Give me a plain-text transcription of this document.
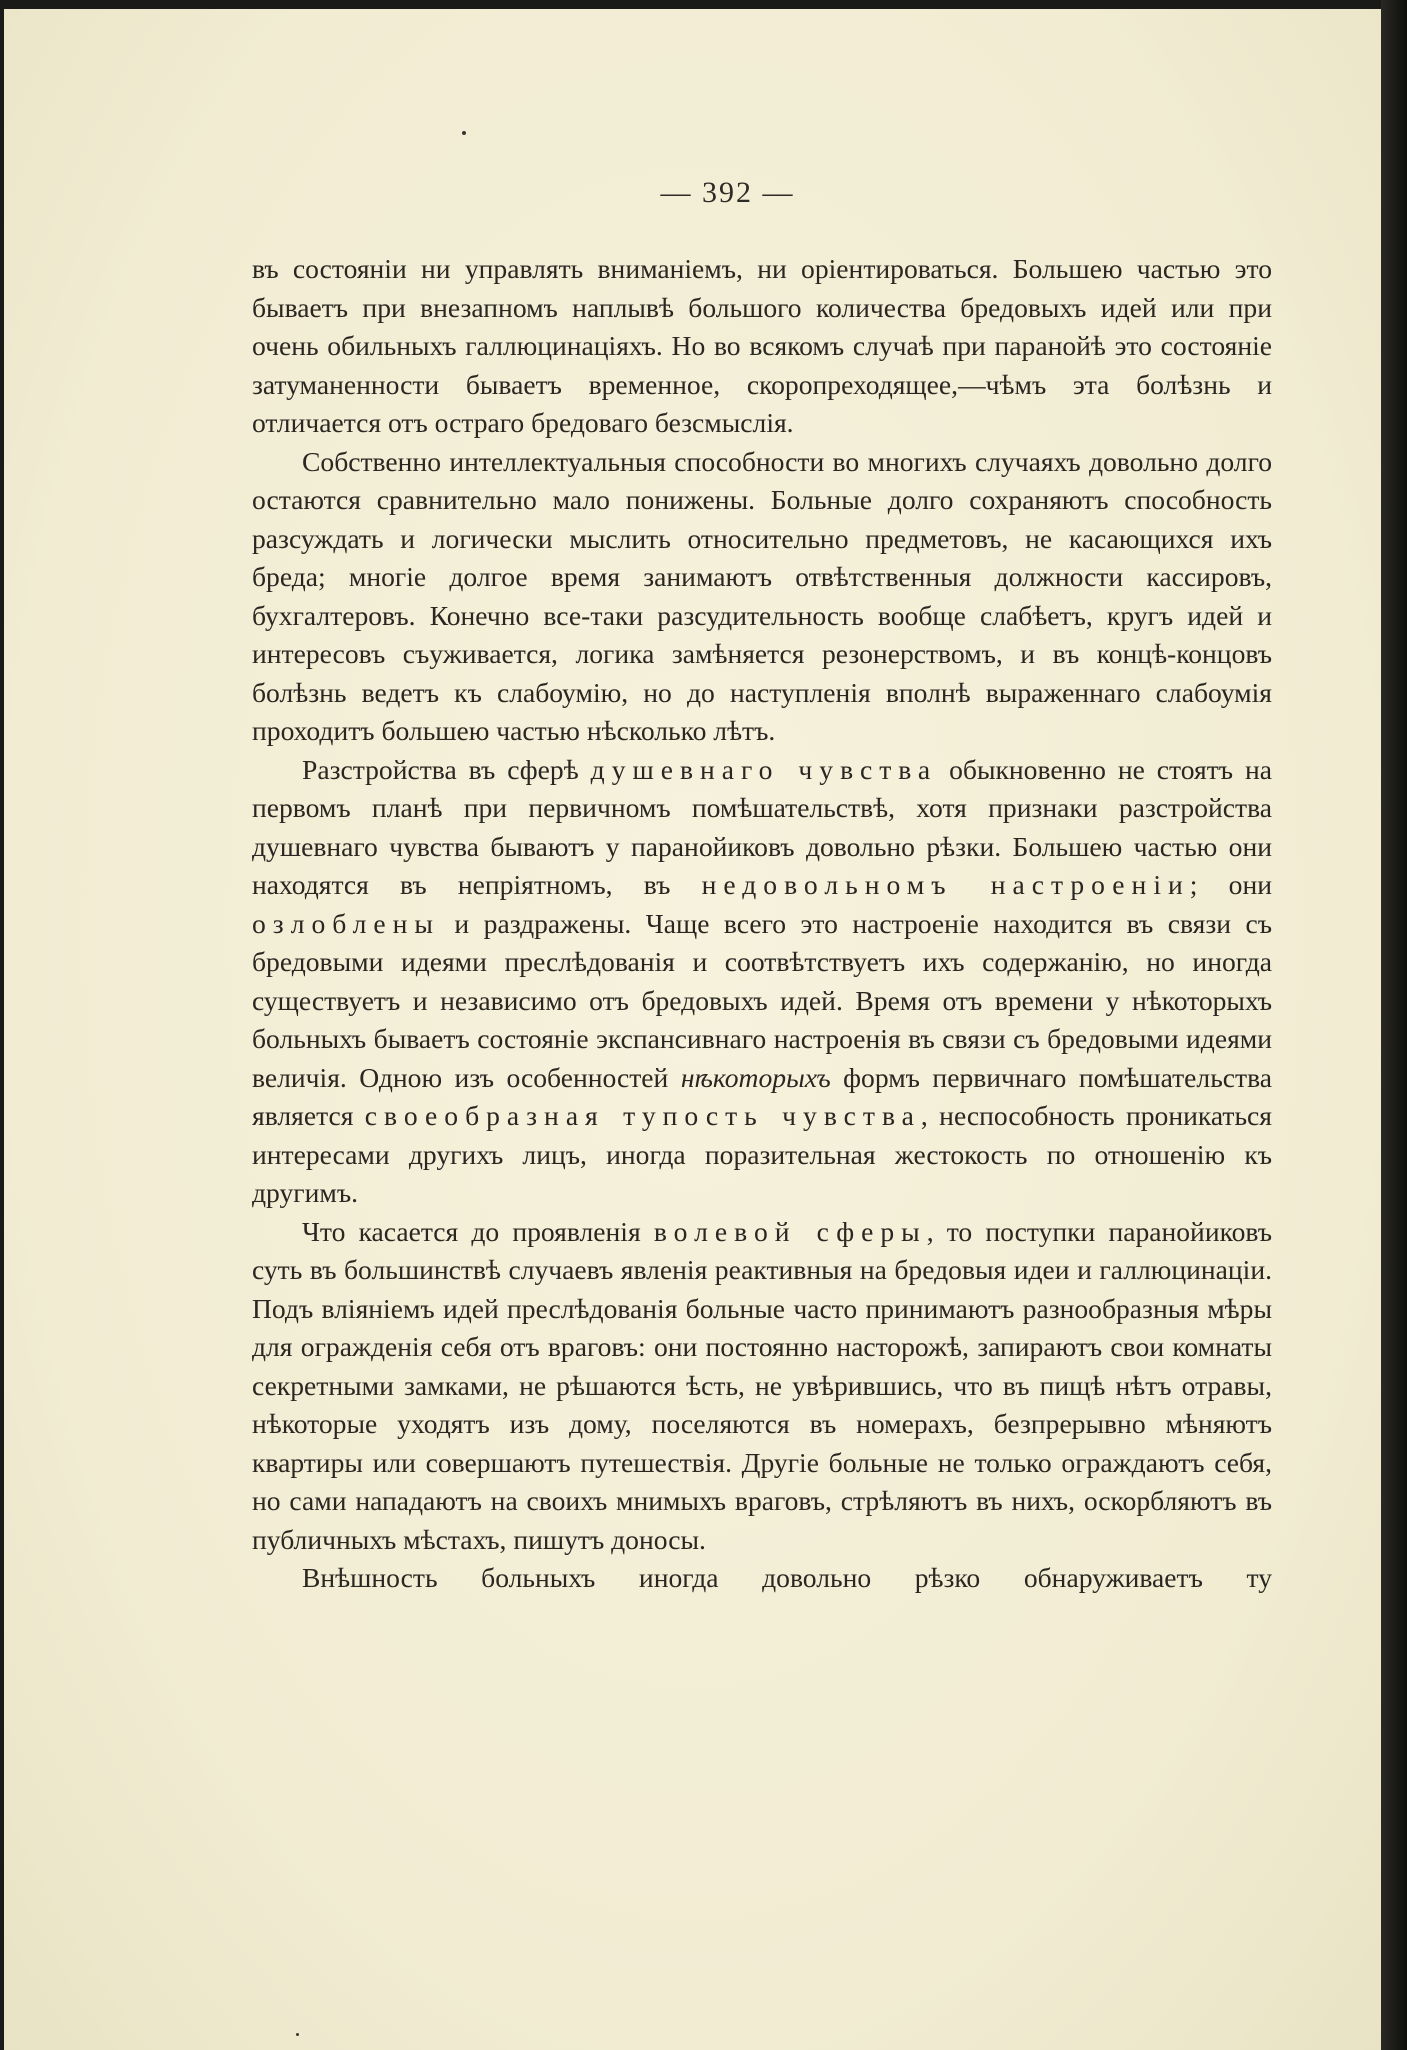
— 392 —

въ состояніи ни управлять вниманіемъ, ни оріентироваться. Большею частью это бываетъ при внезапномъ наплывѣ большого количества бредовыхъ идей или при очень обильныхъ галлюцинаціяхъ. Но во всякомъ случаѣ при паранойѣ это состояніе затуманенности бываетъ временное, скоропреходящее,—чѣмъ эта болѣзнь и отличается отъ остраго бредоваго безсмыслія.

Собственно интеллектуальныя способности во многихъ случаяхъ довольно долго остаются сравнительно мало понижены. Больные долго сохраняютъ способность разсуждать и логически мыслить относительно предметовъ, не касающихся ихъ бреда; многіе долгое время занимаютъ отвѣтственныя должности кассировъ, бухгалтеровъ. Конечно все-таки разсудительность вообще слабѣетъ, кругъ идей и интересовъ съуживается, логика замѣняется резонерствомъ, и въ концѣ-концовъ болѣзнь ведетъ къ слабоумію, но до наступленія вполнѣ выраженнаго слабоумія проходитъ большею частью нѣсколько лѣтъ.

Разстройства въ сферѣ душевнаго чувства обыкновенно не стоятъ на первомъ планѣ при первичномъ помѣшательствѣ, хотя признаки разстройства душевнаго чувства бываютъ у паранойиковъ довольно рѣзки. Большею частью они находятся въ непріятномъ, въ недовольномъ настроеніи; они озлоблены и раздражены. Чаще всего это настроеніе находится въ связи съ бредовыми идеями преслѣдованія и соотвѣтствуетъ ихъ содержанію, но иногда существуетъ и независимо отъ бредовыхъ идей. Время отъ времени у нѣкоторыхъ больныхъ бываетъ состояніе экспансивнаго настроенія въ связи съ бредовыми идеями величія. Одною изъ особенностей нѣкоторыхъ формъ первичнаго помѣшательства является своеобразная тупость чувства, неспособность проникаться интересами другихъ лицъ, иногда поразительная жестокость по отношенію къ другимъ.

Что касается до проявленія волевой сферы, то поступки паранойиковъ суть въ большинствѣ случаевъ явленія реактивныя на бредовыя идеи и галлюцинаціи. Подъ вліяніемъ идей преслѣдованія больные часто принимаютъ разнообразныя мѣры для огражденія себя отъ враговъ: они постоянно насторожѣ, запираютъ свои комнаты секретными замками, не рѣшаются ѣсть, не увѣрившись, что въ пищѣ нѣтъ отравы, нѣкоторые уходятъ изъ дому, поселяются въ номерахъ, безпрерывно мѣняютъ квартиры или совершаютъ путешествія. Другіе больные не только ограждаютъ себя, но сами нападаютъ на своихъ мнимыхъ враговъ, стрѣляютъ въ нихъ, оскорбляютъ въ публичныхъ мѣстахъ, пишутъ доносы.

Внѣшность больныхъ иногда довольно рѣзко обнаруживаетъ ту
